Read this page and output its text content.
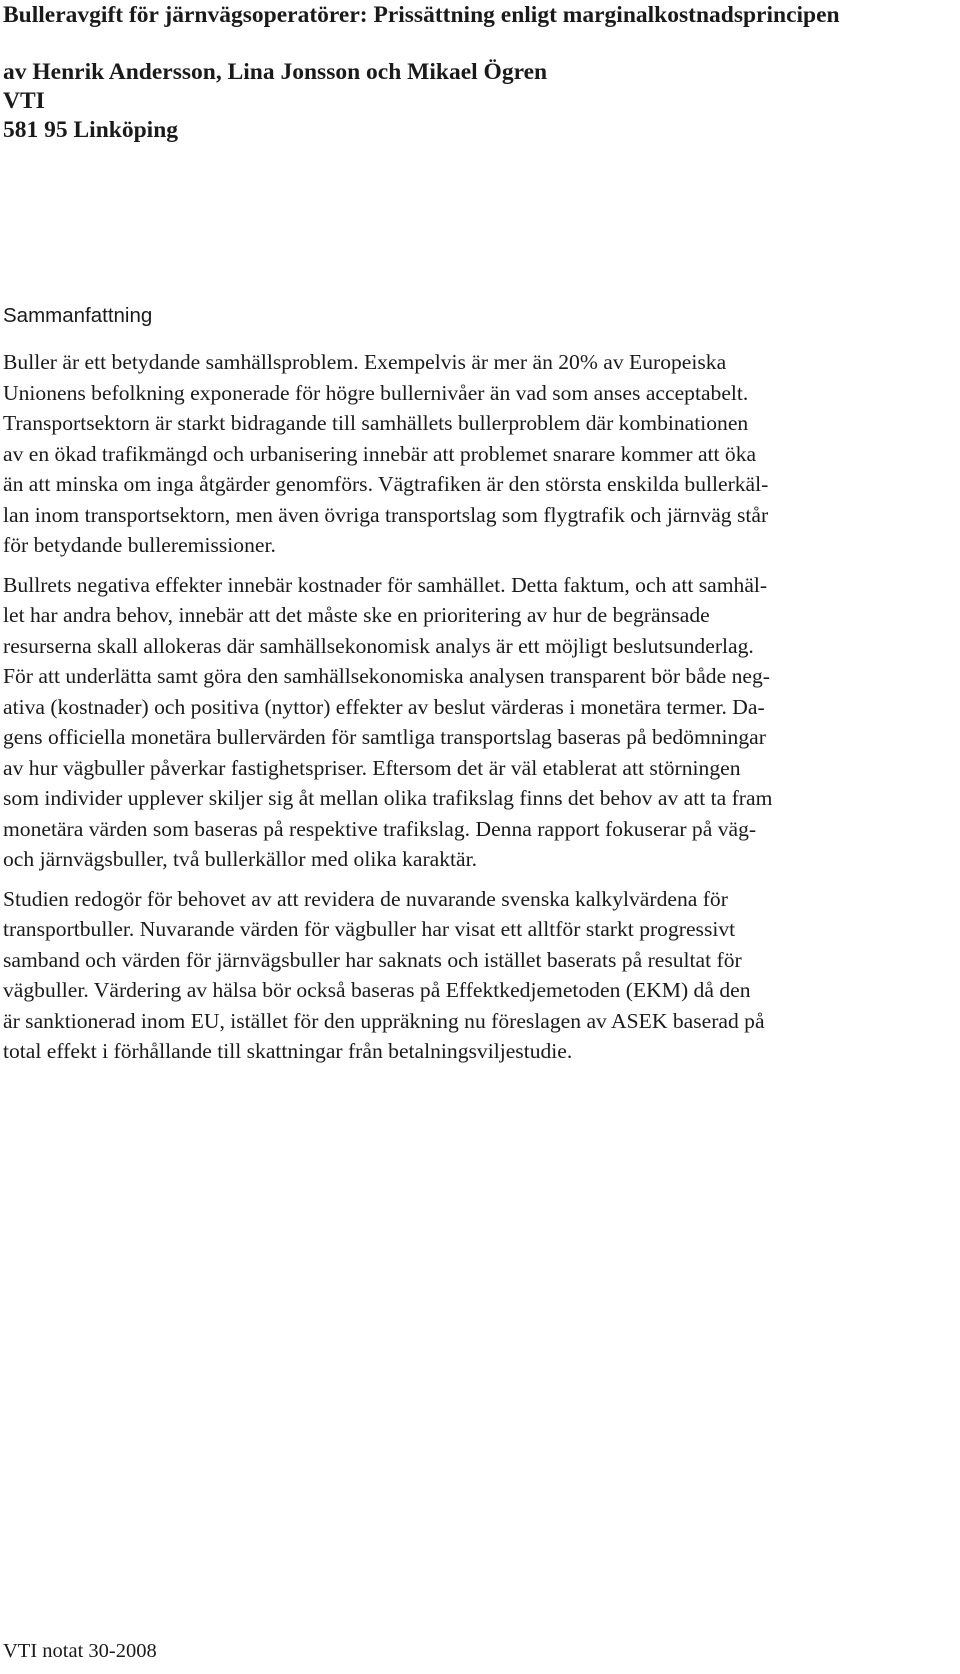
Bulleravgift för järnvägsoperatörer: Prissättning enligt marginalkostnadsprincipen
av Henrik Andersson, Lina Jonsson och Mikael Ögren
VTI
581 95 Linköping
Sammanfattning

Buller är ett betydande samhällsproblem. Exempelvis är mer än 20% av Europeiska
Unionens befolkning exponerade för högre bullernivåer än vad som anses acceptabelt.
Transportsektorn är starkt bidragande till samhällets bullerproblem där kombinationen
av en ökad trafikmängd och urbanisering innebär att problemet snarare kommer att öka
än att minska om inga åtgärder genomförs. Vägtrafiken är den största enskilda bullerkäl-
lan inom transportsektorn, men även övriga transportslag som flygtrafik och järnväg står
för betydande bulleremissioner.

Bullrets negativa effekter innebär kostnader för samhället. Detta faktum, och att samhäl-
let har andra behov, innebär att det måste ske en prioritering av hur de begränsade
resurserna skall allokeras där samhällsekonomisk analys är ett möjligt beslutsunderlag.
För att underlätta samt göra den samhällsekonomiska analysen transparent bör både neg-
ativa (kostnader) och positiva (nyttor) effekter av beslut värderas i monetära termer. Da-
gens officiella monetära bullervärden för samtliga transportslag baseras på bedömningar
av hur vägbuller påverkar fastighetspriser. Eftersom det är väl etablerat att störningen
som individer upplever skiljer sig åt mellan olika trafikslag finns det behov av att ta fram
monetära värden som baseras på respektive trafikslag. Denna rapport fokuserar på väg-
och järnvägsbuller, två bullerkällor med olika karaktär.

Studien redogör för behovet av att revidera de nuvarande svenska kalkylvärdena för
transportbuller. Nuvarande värden för vägbuller har visat ett alltför starkt progressivt
samband och värden för järnvägsbuller har saknats och istället baserats på resultat för
vägbuller. Värdering av hälsa bör också baseras på Effektkedjemetoden (EKM) då den
är sanktionerad inom EU, istället för den uppräkning nu föreslagen av ASEK baserad på
total effekt i förhållande till skattningar från betalningsviljestudie.

VTI notat 30-2008
